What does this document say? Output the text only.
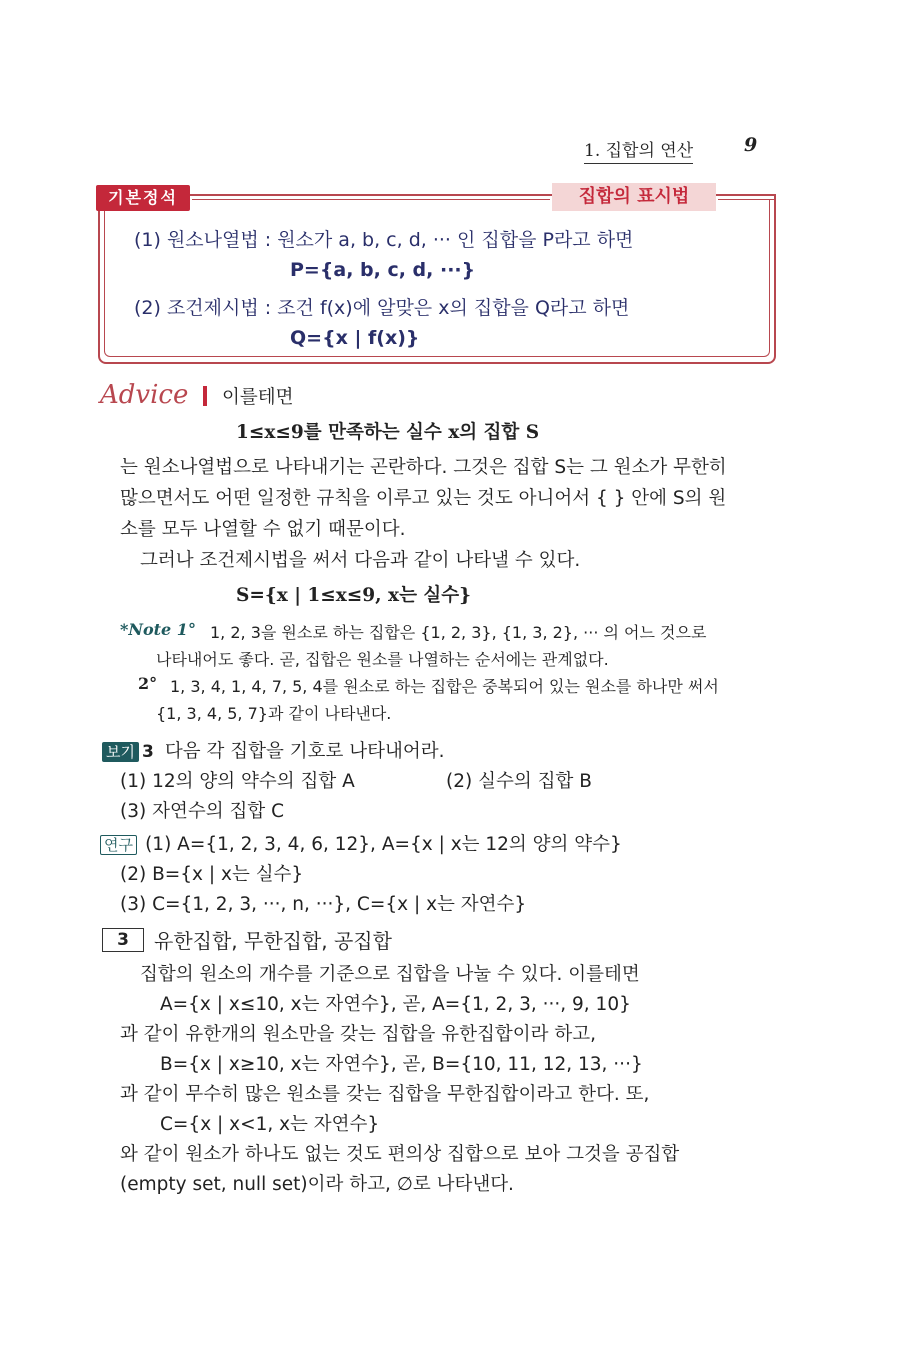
1. 집합의 연산	9
기본정석	집합의 표시법
(1) 원소나열법 : 원소가 a, b, c, d, ··· 인 집합을 P라고 하면
P={a, b, c, d, ···}
(2) 조건제시법 : 조건 f(x)에 알맞은 x의 집합을 Q라고 하면
Q={x | f(x)}
Advice 이를테면
1≤x≤9를 만족하는 실수 x의 집합 S
는 원소나열법으로 나타내기는 곤란하다. 그것은 집합 S는 그 원소가 무한히
많으면서도 어떤 일정한 규칙을 이루고 있는 것도 아니어서 { } 안에 S의 원
소를 모두 나열할 수 없기 때문이다.
그러나 조건제시법을 써서 다음과 같이 나타낼 수 있다.
S={x | 1≤x≤9, x는 실수}
*Note 1° 1, 2, 3을 원소로 하는 집합은 {1, 2, 3}, {1, 3, 2}, ··· 의 어느 것으로
나타내어도 좋다. 곧, 집합은 원소를 나열하는 순서에는 관계없다.
2° 1, 3, 4, 1, 4, 7, 5, 4를 원소로 하는 집합은 중복되어 있는 원소를 하나만 써서
{1, 3, 4, 5, 7}과 같이 나타낸다.
보기 3 다음 각 집합을 기호로 나타내어라.
(1) 12의 양의 약수의 집합 A	(2) 실수의 집합 B
(3) 자연수의 집합 C
연구 (1) A={1, 2, 3, 4, 6, 12}, A={x | x는 12의 양의 약수}
(2) B={x | x는 실수}
(3) C={1, 2, 3, ···, n, ···}, C={x | x는 자연수}
3	유한집합, 무한집합, 공집합
집합의 원소의 개수를 기준으로 집합을 나눌 수 있다. 이를테면
A={x | x≤10, x는 자연수}, 곧, A={1, 2, 3, ···, 9, 10}
과 같이 유한개의 원소만을 갖는 집합을 유한집합이라 하고,
B={x | x≥10, x는 자연수}, 곧, B={10, 11, 12, 13, ···}
과 같이 무수히 많은 원소를 갖는 집합을 무한집합이라고 한다. 또,
C={x | x<1, x는 자연수}
와 같이 원소가 하나도 없는 것도 편의상 집합으로 보아 그것을 공집합
(empty set, null set)이라 하고, ∅로 나타낸다.
